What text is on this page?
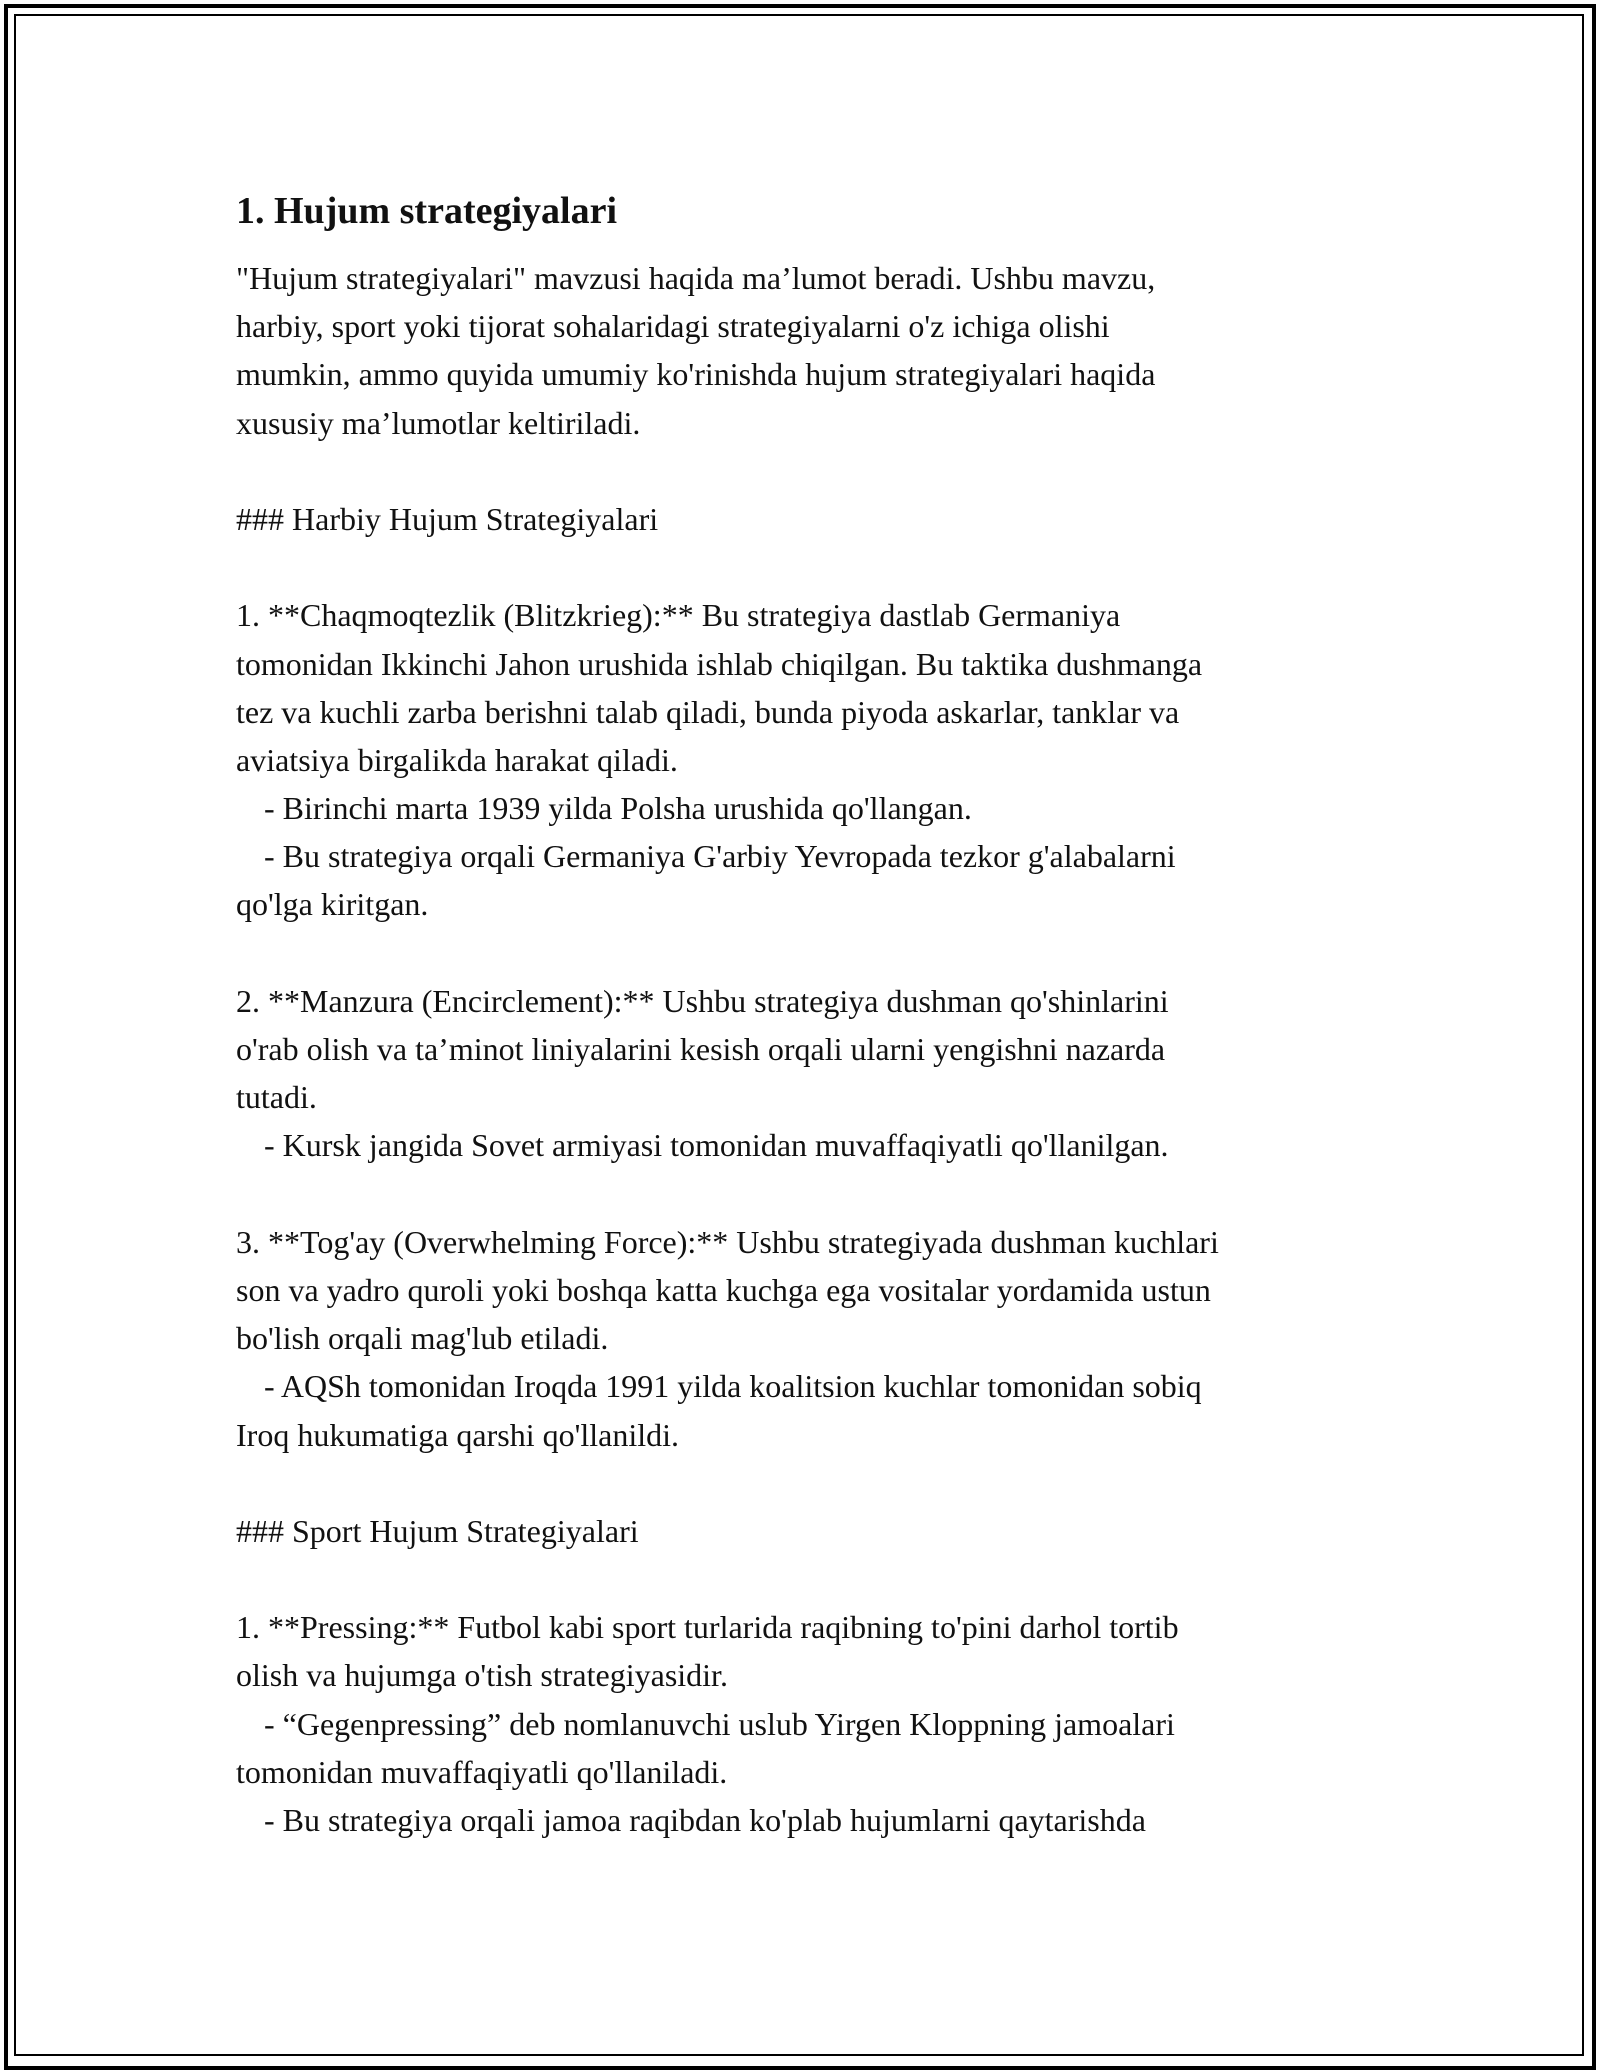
1. Hujum strategiyalari
"Hujum strategiyalari" mavzusi haqida ma’lumot beradi. Ushbu mavzu,
harbiy, sport yoki tijorat sohalaridagi strategiyalarni o'z ichiga olishi
mumkin, ammo quyida umumiy ko'rinishda hujum strategiyalari haqida
xususiy ma’lumotlar keltiriladi.
### Harbiy Hujum Strategiyalari
1. **Chaqmoqtezlik (Blitzkrieg):** Bu strategiya dastlab Germaniya
tomonidan Ikkinchi Jahon urushida ishlab chiqilgan. Bu taktika dushmanga
tez va kuchli zarba berishni talab qiladi, bunda piyoda askarlar, tanklar va
aviatsiya birgalikda harakat qiladi.
- Birinchi marta 1939 yilda Polsha urushida qo'llangan.
- Bu strategiya orqali Germaniya G'arbiy Yevropada tezkor g'alabalarni
qo'lga kiritgan.
2. **Manzura (Encirclement):** Ushbu strategiya dushman qo'shinlarini
o'rab olish va ta’minot liniyalarini kesish orqali ularni yengishni nazarda
tutadi.
- Kursk jangida Sovet armiyasi tomonidan muvaffaqiyatli qo'llanilgan.
3. **Tog'ay (Overwhelming Force):** Ushbu strategiyada dushman kuchlari
son va yadro quroli yoki boshqa katta kuchga ega vositalar yordamida ustun
bo'lish orqali mag'lub etiladi.
- AQSh tomonidan Iroqda 1991 yilda koalitsion kuchlar tomonidan sobiq
Iroq hukumatiga qarshi qo'llanildi.
### Sport Hujum Strategiyalari
1. **Pressing:** Futbol kabi sport turlarida raqibning to'pini darhol tortib
olish va hujumga o'tish strategiyasidir.
- “Gegenpressing” deb nomlanuvchi uslub Yirgen Kloppning jamoalari
tomonidan muvaffaqiyatli qo'llaniladi.
- Bu strategiya orqali jamoa raqibdan ko'plab hujumlarni qaytarishda
